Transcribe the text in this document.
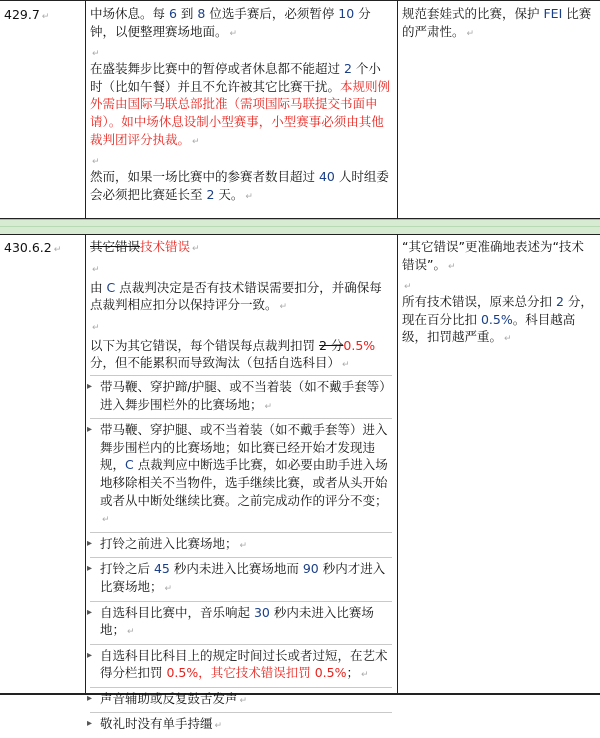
429.7 ↵	中场休息。每 6 到 8 位选手赛后，必须暂停 10 分钟，以便整理赛场地面。 ↵

↵

在盛装舞步比赛中的暂停或者休息都不能超过 2 个小时（比如午餐）并且不允许被其它比赛干扰。本规则例外需由国际马联总部批准（需项国际马联提交书面申请）。如中场休息设制小型赛事，小型赛事必须由其他裁判团评分执裁。 ↵

↵

然而，如果一场比赛中的参赛者数目超过 40 人时组委会必须把比赛延长至 2 天。 ↵

规范套娃式的比赛，保护 FEI 比赛的严肃性。 ↵

430.6.2 ↵	其它错误技术错误 ↵

↵

由 C 点裁判决定是否有技术错误需要扣分，并确保每点裁判相应扣分以保持评分一致。 ↵

↵

以下为其它错误，每个错误每点裁判扣罚 2 分0.5%分，但不能累积而导致淘汰（包括自选科目） ↵

▸ 带马鞭、穿护蹄/护腿、或不当着装（如不戴手套等）进入舞步围栏外的比赛场地； ↵
▸ 带马鞭、穿护腿、或不当着装（如不戴手套等）进入舞步围栏内的比赛场地；如比赛已经开始才发现违规，C 点裁判应中断选手比赛，如必要由助手进入场地移除相关不当物件，选手继续比赛，或者从头开始或者从中断处继续比赛。之前完成动作的评分不变；↵
▸ 打铃之前进入比赛场地； ↵
▸ 打铃之后 45 秒内未进入比赛场地而 90 秒内才进入比赛场地； ↵
▸ 自选科目比赛中，音乐响起 30 秒内未进入比赛场地； ↵
▸ 自选科目比科目上的规定时间过长或者过短，在艺术得分栏扣罚 0.5%，其它技术错误扣罚 0.5%； ↵
▸ 声音辅助或反复鼓舌发声 ↵
▸ 敬礼时没有单手持缰 ↵

“其它错误”更准确地表述为“技术错误”。 ↵

↵

所有技术错误，原来总分扣 2 分，现在百分比扣 0.5%。科目越高级，扣罚越严重。 ↵
